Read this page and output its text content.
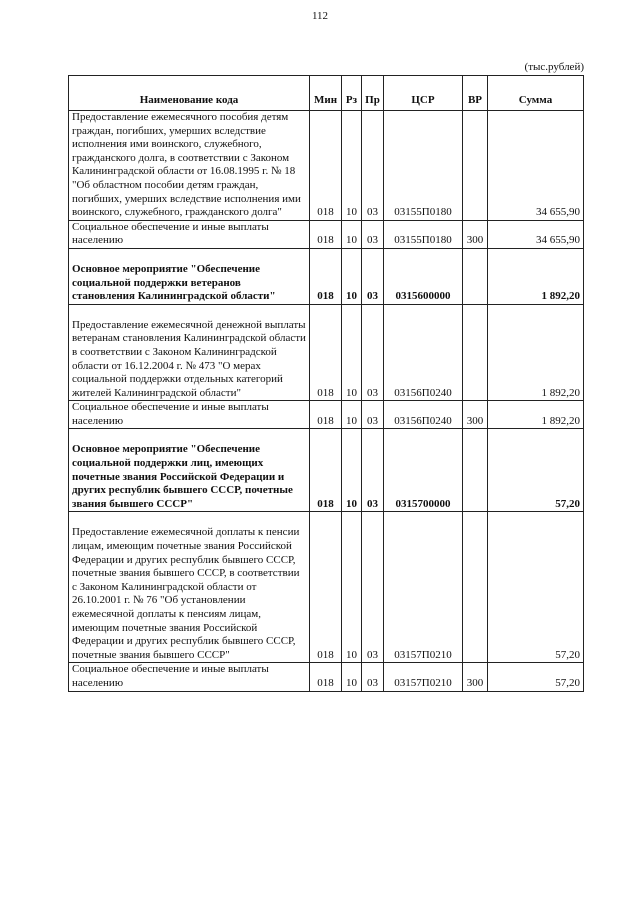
112
(тыс.рублей)
Наименование кода	Мин	Рз	Пр	ЦСР	ВР	Сумма
Предоставление ежемесячного пособия детям граждан, погибших, умерших вследствие исполнения ими воинского, служебного, гражданского долга, в соответствии с Законом Калининградской области от 16.08.1995 г. № 18 "Об областном пособии детям граждан, погибших, умерших вследствие исполнения ими воинского, служебного, гражданского долга"	018	10	03	03155П0180		34 655,90
Социальное обеспечение и иные выплаты населению	018	10	03	03155П0180	300	34 655,90

Основное мероприятие "Обеспечение социальной поддержки ветеранов становления Калининградской области"	018	10	03	0315600000		1 892,20

Предоставление ежемесячной денежной выплаты ветеранам становления Калининградской области в соответствии с Законом Калининградской области от 16.12.2004 г. № 473 "О мерах социальной поддержки отдельных категорий жителей Калининградской области"	018	10	03	03156П0240		1 892,20
Социальное обеспечение и иные выплаты населению	018	10	03	03156П0240	300	1 892,20

Основное мероприятие "Обеспечение социальной поддержки лиц, имеющих почетные звания Российской Федерации и других республик бывшего СССР, почетные звания бывшего СССР"	018	10	03	0315700000		57,20

Предоставление ежемесячной доплаты к пенсии лицам, имеющим почетные звания Российской Федерации и других республик бывшего СССР, почетные звания бывшего СССР, в соответствии с Законом Калининградской области от 26.10.2001 г. № 76 "Об установлении ежемесячной доплаты к пенсиям лицам, имеющим почетные звания Российской Федерации и других республик бывшего СССР, почетные звания бывшего СССР"	018	10	03	03157П0210		57,20
Социальное обеспечение и иные выплаты населению	018	10	03	03157П0210	300	57,20
